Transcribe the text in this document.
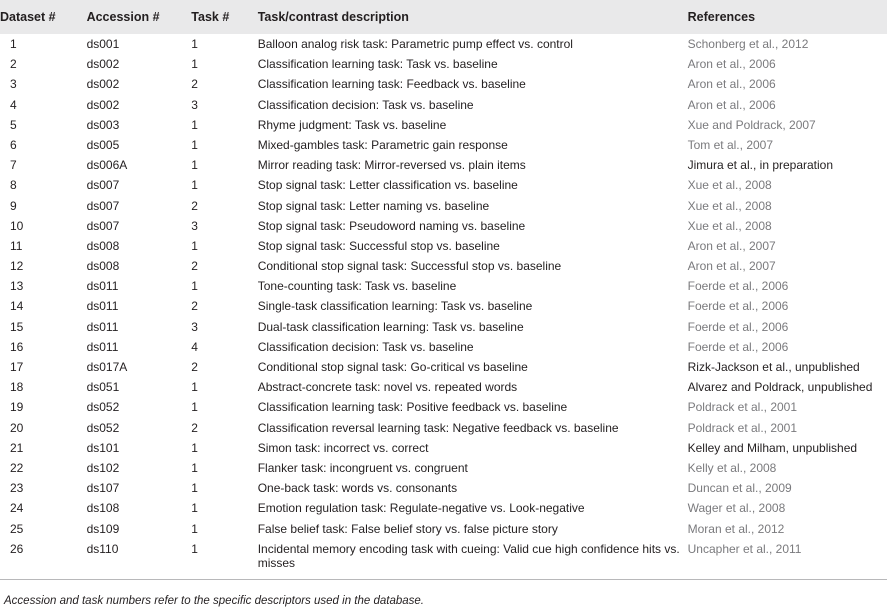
Dataset #	Accession #	Task #	Task/contrast description	References
1	ds001	1	Balloon analog risk task: Parametric pump effect vs. control	Schonberg et al., 2012
2	ds002	1	Classification learning task: Task vs. baseline	Aron et al., 2006
3	ds002	2	Classification learning task: Feedback vs. baseline	Aron et al., 2006
4	ds002	3	Classification decision: Task vs. baseline	Aron et al., 2006
5	ds003	1	Rhyme judgment: Task vs. baseline	Xue and Poldrack, 2007
6	ds005	1	Mixed-gambles task: Parametric gain response	Tom et al., 2007
7	ds006A	1	Mirror reading task: Mirror-reversed vs. plain items	Jimura et al., in preparation
8	ds007	1	Stop signal task: Letter classification vs. baseline	Xue et al., 2008
9	ds007	2	Stop signal task: Letter naming vs. baseline	Xue et al., 2008
10	ds007	3	Stop signal task: Pseudoword naming vs. baseline	Xue et al., 2008
11	ds008	1	Stop signal task: Successful stop vs. baseline	Aron et al., 2007
12	ds008	2	Conditional stop signal task: Successful stop vs. baseline	Aron et al., 2007
13	ds011	1	Tone-counting task: Task vs. baseline	Foerde et al., 2006
14	ds011	2	Single-task classification learning: Task vs. baseline	Foerde et al., 2006
15	ds011	3	Dual-task classification learning: Task vs. baseline	Foerde et al., 2006
16	ds011	4	Classification decision: Task vs. baseline	Foerde et al., 2006
17	ds017A	2	Conditional stop signal task: Go-critical vs baseline	Rizk-Jackson et al., unpublished
18	ds051	1	Abstract-concrete task: novel vs. repeated words	Alvarez and Poldrack, unpublished
19	ds052	1	Classification learning task: Positive feedback vs. baseline	Poldrack et al., 2001
20	ds052	2	Classification reversal learning task: Negative feedback vs. baseline	Poldrack et al., 2001
21	ds101	1	Simon task: incorrect vs. correct	Kelley and Milham, unpublished
22	ds102	1	Flanker task: incongruent vs. congruent	Kelly et al., 2008
23	ds107	1	One-back task: words vs. consonants	Duncan et al., 2009
24	ds108	1	Emotion regulation task: Regulate-negative vs. Look-negative	Wager et al., 2008
25	ds109	1	False belief task: False belief story vs. false picture story	Moran et al., 2012
26	ds110	1	Incidental memory encoding task with cueing: Valid cue high confidence hits vs. misses	Uncapher et al., 2011
Accession and task numbers refer to the specific descriptors used in the database.
